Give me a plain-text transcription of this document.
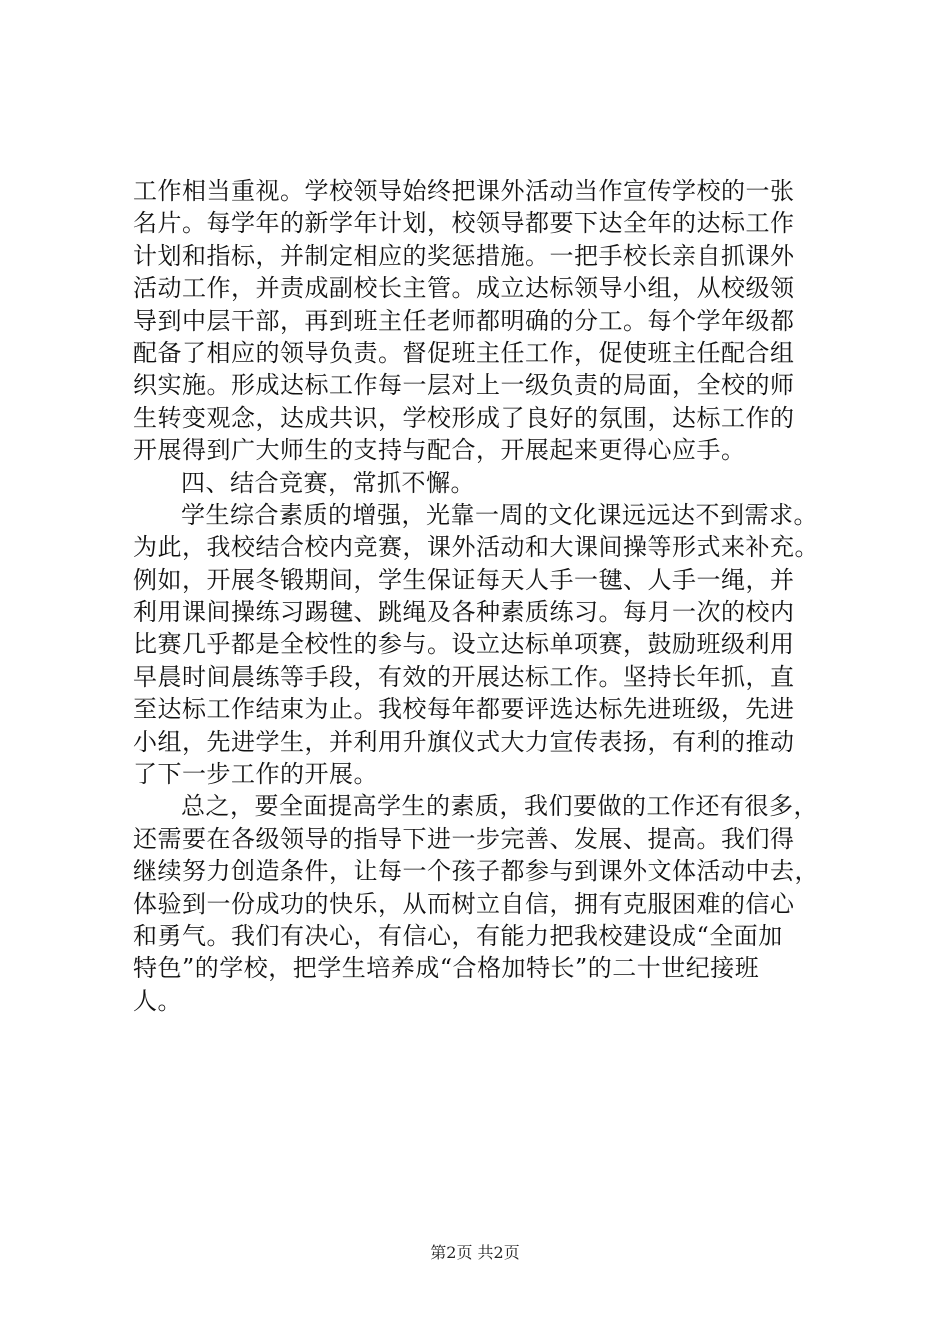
工作相当重视。学校领导始终把课外活动当作宣传学校的一张
名片。每学年的新学年计划，校领导都要下达全年的达标工作
计划和指标，并制定相应的奖惩措施。一把手校长亲自抓课外
活动工作，并责成副校长主管。成立达标领导小组，从校级领
导到中层干部，再到班主任老师都明确的分工。每个学年级都
配备了相应的领导负责。督促班主任工作，促使班主任配合组
织实施。形成达标工作每一层对上一级负责的局面，全校的师
生转变观念，达成共识，学校形成了良好的氛围，达标工作的
开展得到广大师生的支持与配合，开展起来更得心应手。
四、结合竞赛，常抓不懈。
学生综合素质的增强，光靠一周的文化课远远达不到需求。
为此，我校结合校内竞赛，课外活动和大课间操等形式来补充。
例如，开展冬锻期间，学生保证每天人手一毽、人手一绳，并
利用课间操练习踢毽、跳绳及各种素质练习。每月一次的校内
比赛几乎都是全校性的参与。设立达标单项赛，鼓励班级利用
早晨时间晨练等手段，有效的开展达标工作。坚持长年抓，直
至达标工作结束为止。我校每年都要评选达标先进班级，先进
小组，先进学生，并利用升旗仪式大力宣传表扬，有利的推动
了下一步工作的开展。
总之，要全面提高学生的素质，我们要做的工作还有很多，
还需要在各级领导的指导下进一步完善、发展、提高。我们得
继续努力创造条件，让每一个孩子都参与到课外文体活动中去，
体验到一份成功的快乐，从而树立自信，拥有克服困难的信心
和勇气。我们有决心，有信心，有能力把我校建设成“全面加
特色”的学校，把学生培养成“合格加特长”的二十世纪接班
人。
第2页 共2页
